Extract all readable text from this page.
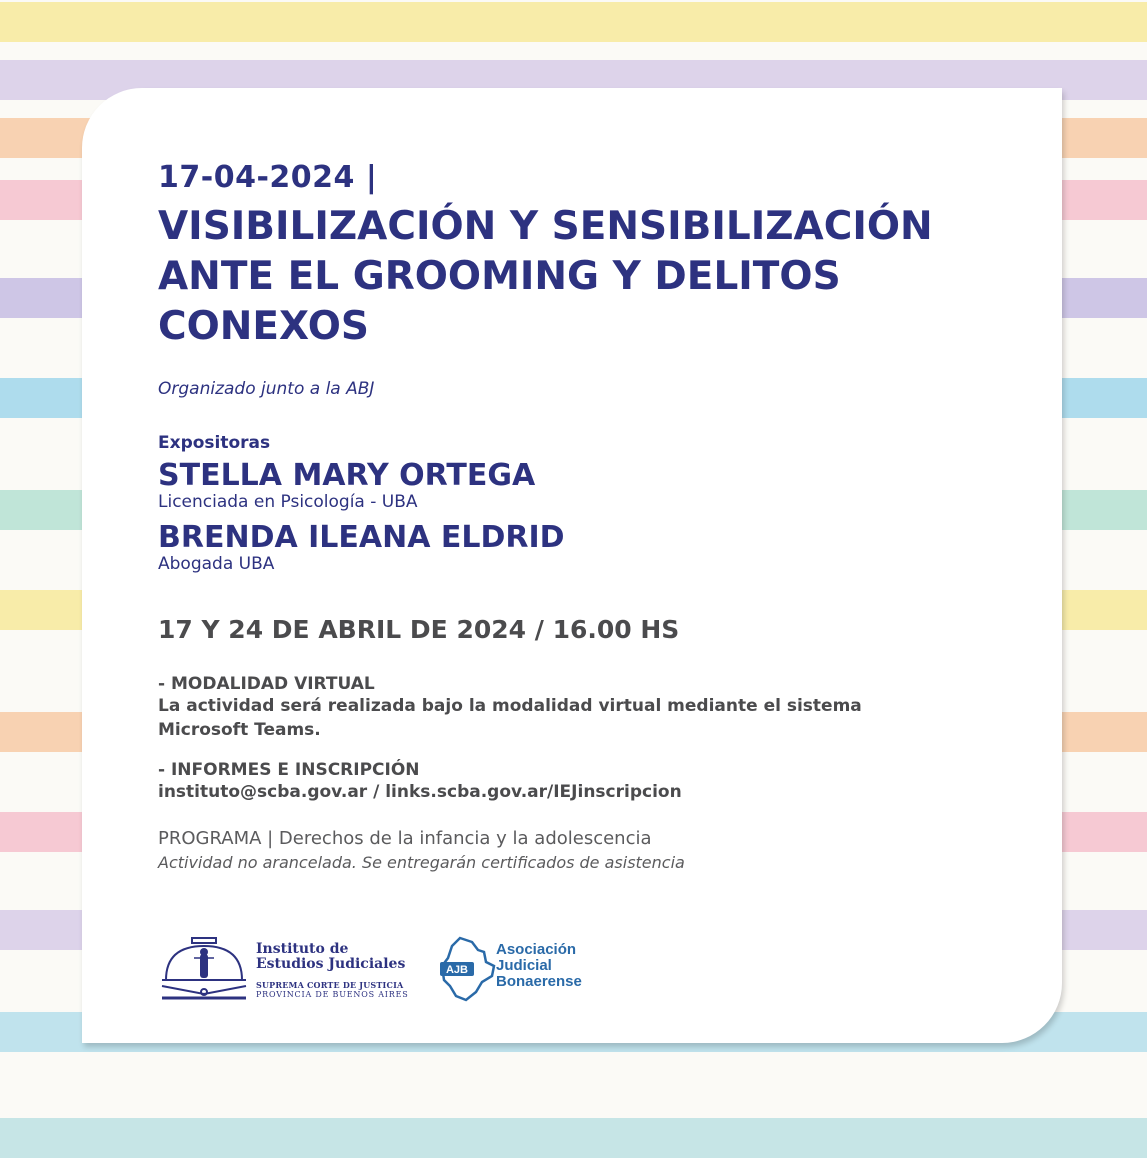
17-04-2024 |

VISIBILIZACIÓN Y SENSIBILIZACIÓN
ANTE EL GROOMING Y DELITOS
CONEXOS
Organizado junto a la ABJ
Expositoras
STELLA MARY ORTEGA
Licenciada en Psicología - UBA
BRENDA ILEANA ELDRID
Abogada UBA
17 Y 24 DE ABRIL DE 2024 / 16.00 HS
- MODALIDAD VIRTUAL
La actividad será realizada bajo la modalidad virtual mediante el sistema
Microsoft Teams.
- INFORMES E INSCRIPCIÓN
instituto@scba.gov.ar / links.scba.gov.ar/IEJinscripcion
PROGRAMA | Derechos de la infancia y la adolescencia
Actividad no arancelada. Se entregarán certificados de asistencia
Instituto de
Estudios Judiciales
SUPREMA CORTE DE JUSTICIA
PROVINCIA DE BUENOS AIRES
AJB
Asociación
Judicial
Bonaerense
